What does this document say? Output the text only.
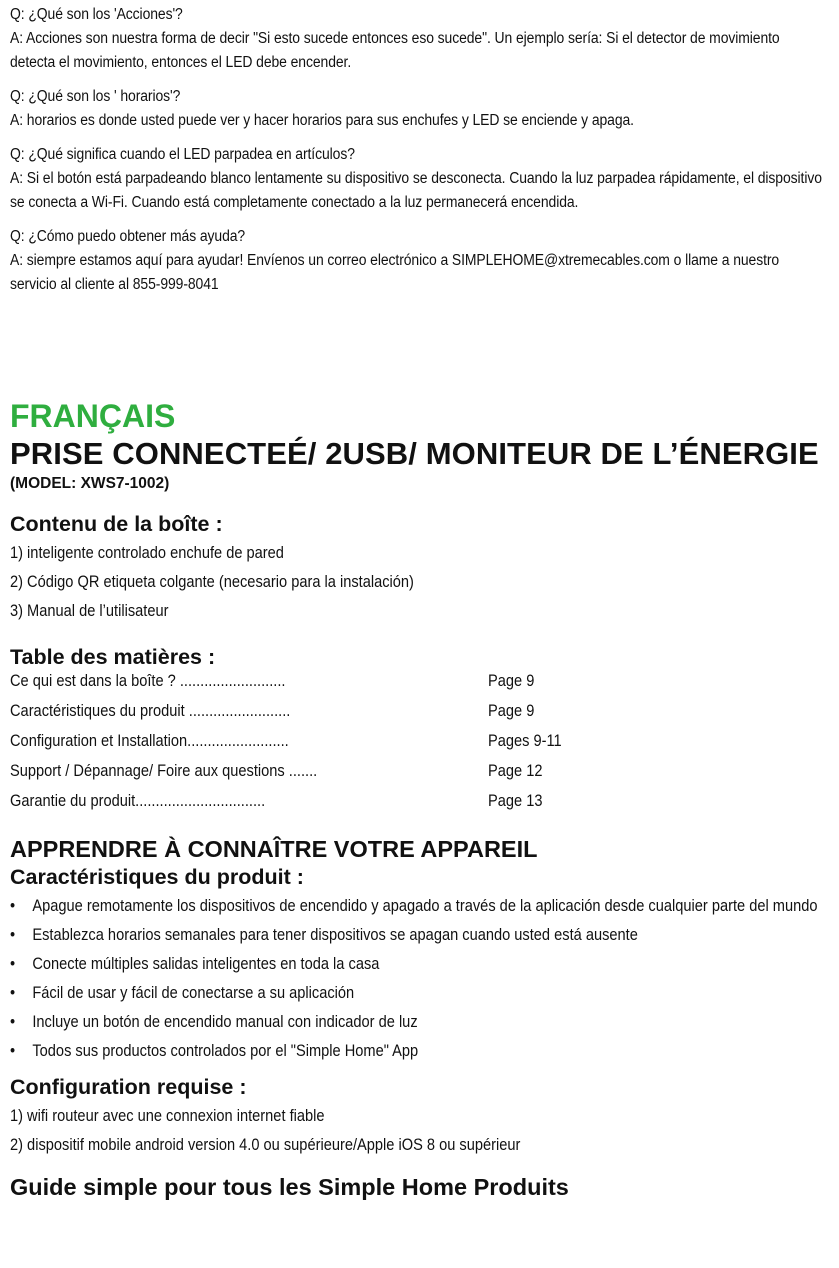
Q: ¿Qué son los 'Acciones'?

A: Acciones son nuestra forma de decir "Si esto sucede entonces eso sucede". Un ejemplo sería: Si el detector de movimiento detecta el movimiento, entonces el LED debe encender.

Q: ¿Qué son los ' horarios'?

A: horarios es donde usted puede ver y hacer horarios para sus enchufes y LED se enciende y apaga.

Q: ¿Qué significa cuando el LED parpadea en artículos?

A: Si el botón está parpadeando blanco lentamente su dispositivo se desconecta. Cuando la luz parpadea rápidamente, el dispositivo se conecta a Wi-Fi. Cuando está completamente conectado a la luz permanecerá encendida.

Q: ¿Cómo puedo obtener más ayuda?

A: siempre estamos aquí para ayudar! Envíenos un correo electrónico a SIMPLEHOME@xtremecables.com o llame a nuestro servicio al cliente al 855-999-8041

FRANÇAIS
PRISE CONNECTEÉ/ 2USB/ MONITEUR DE L’ÉNERGIE
(MODEL: XWS7-1002)
Contenu de la boîte :

1) inteligente controlado enchufe de pared

2) Código QR etiqueta colgante (necesario para la instalación)

3) Manual de l’utilisateur

Table des matières :
Ce qui est dans la boîte ? ..........................	Page 9
Caractéristiques du produit .........................	Page 9
Configuration et Installation.........................	Pages 9-11
Support / Dépannage/ Foire aux questions .......	Page 12
Garantie du produit................................	Page 13
APPRENDRE À CONNAÎTRE VOTRE APPAREIL
Caractéristiques du produit :
• Apague remotamente los dispositivos de encendido y apagado a través de la aplicación desde cualquier parte del mundo
• Establezca horarios semanales para tener dispositivos se apagan cuando usted está ausente
• Conecte múltiples salidas inteligentes en toda la casa
• Fácil de usar y fácil de conectarse a su aplicación
• Incluye un botón de encendido manual con indicador de luz
• Todos sus productos controlados por el "Simple Home" App
Configuration requise :

1) wifi routeur avec une connexion internet fiable

2) dispositif mobile android version 4.0 ou supérieure/Apple iOS 8 ou supérieur

Guide simple pour tous les Simple Home Produits
